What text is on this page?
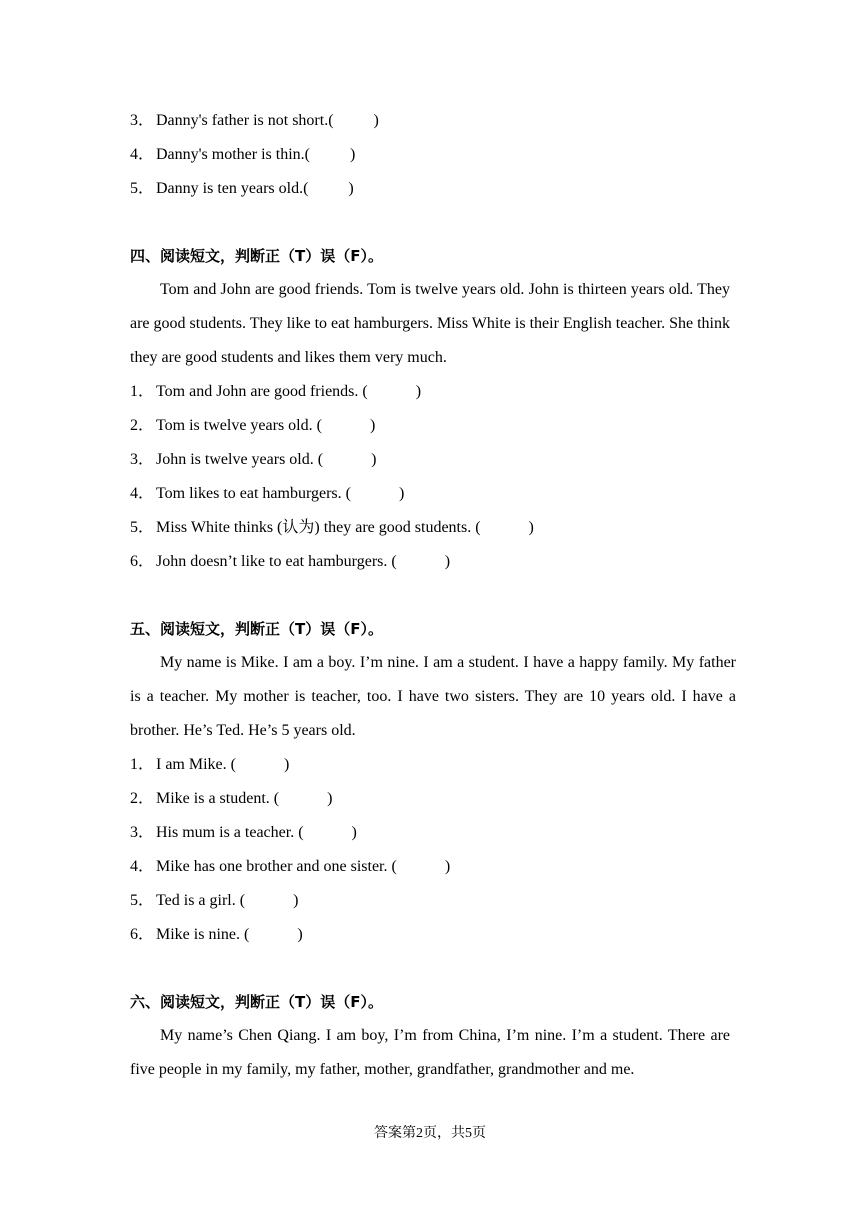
3． Danny's father is not short.(          )
4． Danny's mother is thin.(          )
5． Danny is ten years old.(          )
四、阅读短文，判断正（T）误（F）。

Tom and John are good friends. Tom is twelve years old. John is thirteen years old. They are good students. They like to eat hamburgers. Miss White is their English teacher. She think they are good students and likes them very much.

1． Tom and John are good friends. (            )
2． Tom is twelve years old. (            )
3． John is twelve years old. (            )
4． Tom likes to eat hamburgers. (            )
5． Miss White thinks (认为) they are good students. (            )
6． John doesn’t like to eat hamburgers. (            )
五、阅读短文，判断正（T）误（F）。

My name is Mike. I am a boy. I’m nine. I am a student. I have a happy family. My father is a teacher. My mother is teacher, too. I have two sisters. They are 10 years old. I have a brother. He’s Ted. He’s 5 years old.

1． I am Mike. (            )
2． Mike is a student. (            )
3． His mum is a teacher. (            )
4． Mike has one brother and one sister. (            )
5． Ted is a girl. (            )
6． Mike is nine. (            )
六、阅读短文，判断正（T）误（F）。

My name’s Chen Qiang. I am boy, I’m from China, I’m nine. I’m a student. There are five people in my family, my father, mother, grandfather, grandmother and me.

答案第2页，共5页
